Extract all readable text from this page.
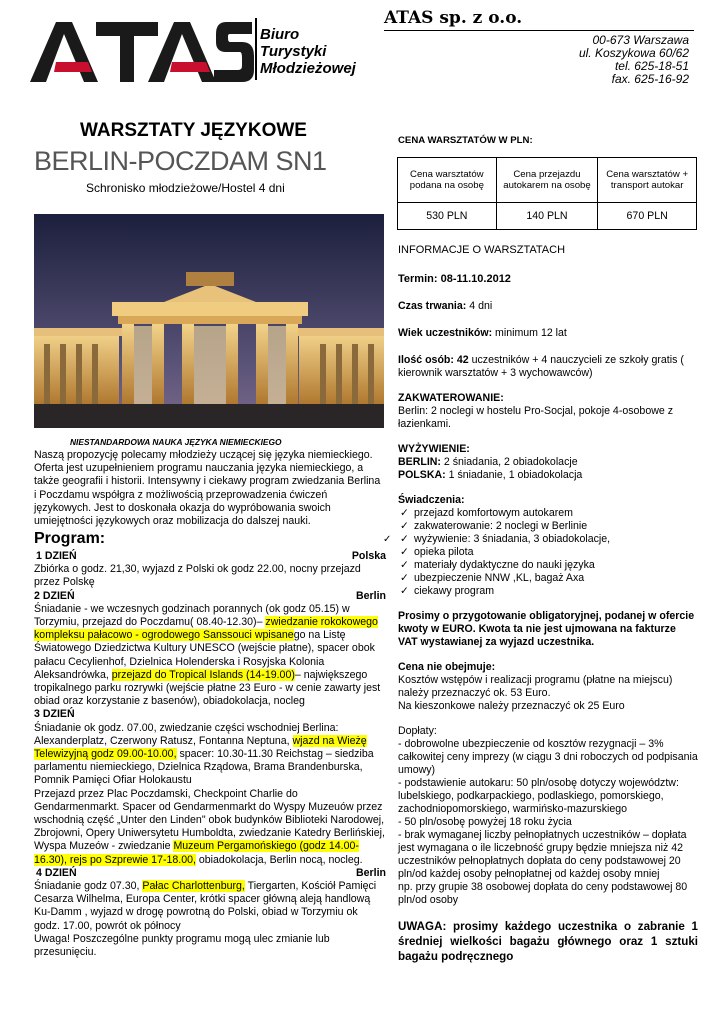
Biuro
Turystyki
Młodzieżowej
ATAS sp. z o.o.
00-673 Warszawa
ul. Koszykowa 60/62
tel. 625-18-51
fax. 625-16-92
WARSZTATY JĘZYKOWE
BERLIN-POCZDAM SN1
Schronisko młodzieżowe/Hostel 4 dni
NIESTANDARDOWA NAUKA JĘZYKA NIEMIECKIEGO
Naszą propozycję polecamy młodzieży uczącej się języka niemieckiego. Oferta jest uzupełnieniem programu nauczania języka niemieckiego, a także geografii i historii. Intensywny i ciekawy program zwiedzania Berlina i Poczdamu współgra z możliwością przeprowadzenia ćwiczeń językowych. Jest to doskonała okazja do wypróbowania swoich umiejętności językowych oraz mobilizacja do dalszej nauki.
Program:	✓
1 DZIEŃ	Polska
Zbiórka o godz. 21,30, wyjazd z Polski ok godz 22.00, nocny przejazd przez Polskę
2 DZIEŃ	Berlin
Śniadanie - we wczesnych godzinach porannych (ok godz 05.15) w Torzymiu, przejazd do Poczdamu( 08.40-12.30)– zwiedzanie rokokowego kompleksu pałacowo - ogrodowego Sanssouci wpisanego na Listę Światowego Dziedzictwa Kultury UNESCO (wejście płatne), spacer obok pałacu Cecylienhof, Dzielnica Holenderska i Rosyjska Kolonia Aleksandrówka, przejazd do Tropical Islands (14-19.00)– największego tropikalnego parku rozrywki (wejście płatne 23 Euro - w cenie zawarty jest obiad oraz korzystanie z basenów), obiadokolacja, nocleg
3 DZIEŃ
Śniadanie ok godz. 07.00, zwiedzanie części wschodniej Berlina: Alexanderplatz, Czerwony Ratusz, Fontanna Neptuna, wjazd na Wieżę Telewizyjną godz 09.00-10.00, spacer: 10.30-11.30 Reichstag – siedziba parlamentu niemieckiego, Dzielnica Rządowa, Brama Brandenburska, Pomnik Pamięci Ofiar Holokaustu
Przejazd przez Plac Poczdamski, Checkpoint Charlie do Gendarmenmarkt. Spacer od Gendarmenmarkt do Wyspy Muzeuów przez wschodnią część „Unter den Linden" obok budynków Biblioteki Narodowej, Zbrojowni, Opery Uniwersytetu Humboldta, zwiedzanie Katedry Berlińskiej, Wyspa Muzeów - zwiedzanie Muzeum Pergamońskiego (godz 14.00-16.30), rejs po Szprewie 17-18.00, obiadokolacja, Berlin nocą, nocleg.
4 DZIEŃ	Berlin
Śniadanie godz 07.30, Pałac Charlottenburg, Tiergarten, Kościół Pamięci Cesarza Wilhelma, Europa Center, krótki spacer główną aleją handlową Ku-Damm , wyjazd w drogę powrotną do Polski, obiad w Torzymiu ok godz. 17.00, powrót ok północy
Uwaga! Poszczególne punkty programu mogą ulec zmianie lub przesunięciu.
CENA WARSZTATÓW W PLN:
Cena warsztatów podana na osobę	Cena przejazdu autokarem na osobę	Cena warsztatów + transport autokar
530 PLN	140 PLN	670 PLN
INFORMACJE O WARSZTATACH
Termin: 08-11.10.2012
Czas trwania: 4 dni
Wiek uczestników: minimum 12 lat
Ilość osób: 42 uczestników + 4 nauczycieli ze szkoły gratis ( kierownik warsztatów + 3 wychowawców)
ZAKWATEROWANIE:
Berlin: 2 noclegi w hostelu Pro-Socjal, pokoje 4-osobowe z łazienkami.
WYŻYWIENIE:
BERLIN: 2 śniadania, 2 obiadokolacje
POLSKA: 1 śniadanie, 1 obiadokolacja
Świadczenia:
✓ przejazd komfortowym autokarem
✓ zakwaterowanie: 2 noclegi w Berlinie
✓ wyżywienie: 3 śniadania, 3 obiadokolacje,
✓ opieka pilota
✓ materiały dydaktyczne do nauki języka
✓ ubezpieczenie NNW ,KL, bagaż Axa
✓ ciekawy program
Prosimy o przygotowanie obligatoryjnej, podanej w ofercie kwoty w EURO. Kwota ta nie jest ujmowana na fakturze VAT wystawianej za wyjazd uczestnika.
Cena nie obejmuje:
Kosztów wstępów i realizacji programu (płatne na miejscu) należy przeznaczyć ok. 53 Euro.
Na kieszonkowe należy przeznaczyć ok 25 Euro
Dopłaty:
- dobrowolne ubezpieczenie od kosztów rezygnacji – 3% całkowitej ceny imprezy (w ciągu 3 dni roboczych od podpisania umowy)
- podstawienie autokaru: 50 pln/osobę dotyczy województw: lubelskiego, podkarpackiego, podlaskiego, pomorskiego, zachodniopomorskiego, warmińsko-mazurskiego
- 50 pln/osobę powyżej 18 roku życia
- brak wymaganej liczby pełnopłatnych uczestników – dopłata jest wymagana o ile liczebność grupy będzie mniejsza niż 42 uczestników pełnopłatnych dopłata do ceny podstawowej 20 pln/od każdej osoby pełnopłatnej od każdej osoby mniej
np. przy grupie 38 osobowej dopłata do ceny podstawowej 80 pln/od osoby
UWAGA: prosimy każdego uczestnika o zabranie 1 średniej wielkości bagażu głównego oraz 1 sztuki bagażu podręcznego
